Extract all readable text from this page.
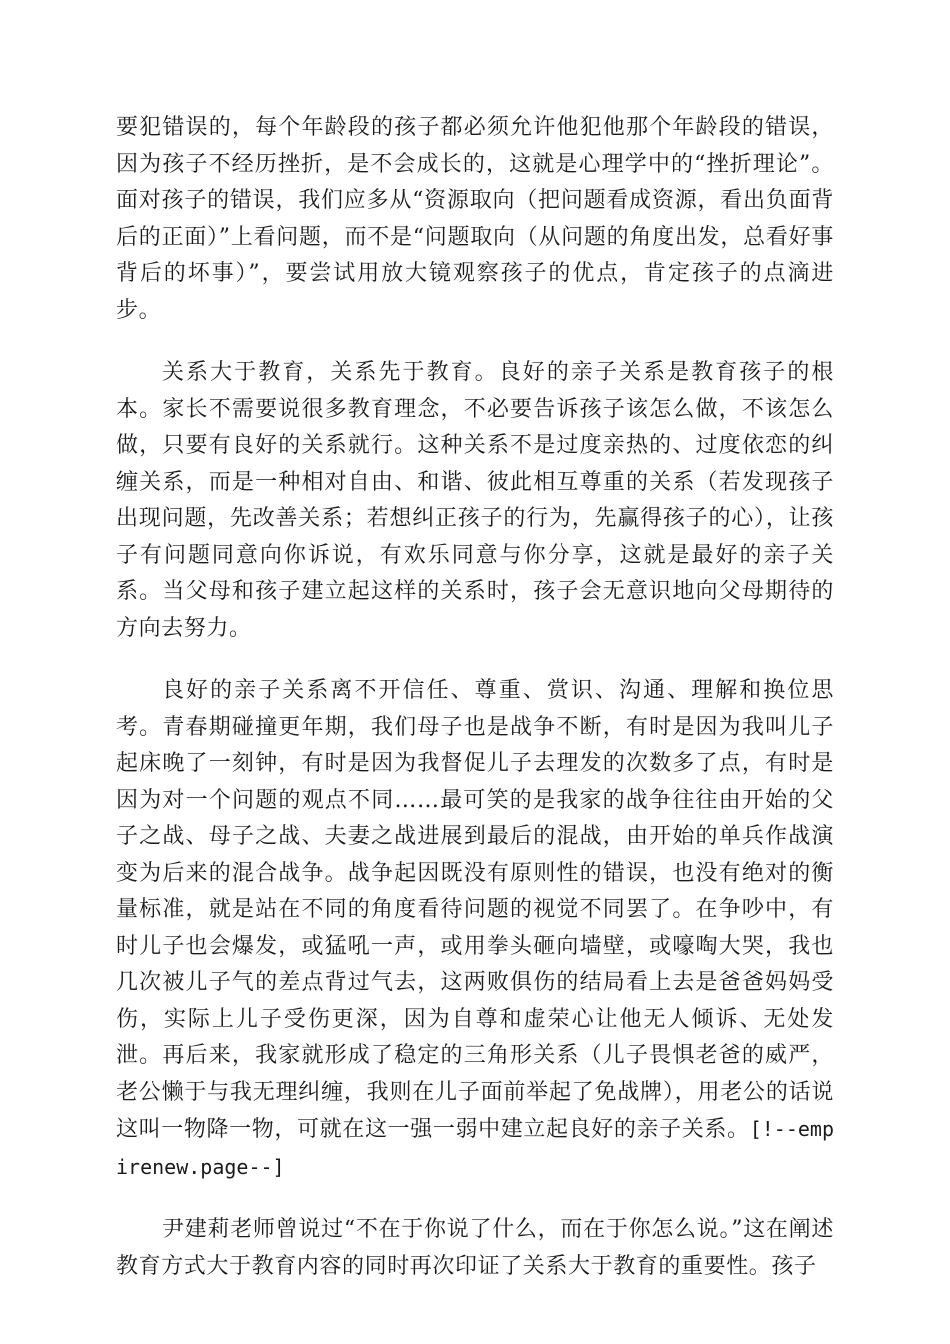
要犯错误的，每个年龄段的孩子都必须允许他犯他那个年龄段的错误，因为孩子不经历挫折，是不会成长的，这就是心理学中的“挫折理论”。面对孩子的错误，我们应多从“资源取向（把问题看成资源，看出负面背后的正面）”上看问题，而不是“问题取向（从问题的角度出发，总看好事背后的坏事）”，要尝试用放大镜观察孩子的优点，肯定孩子的点滴进步。

关系大于教育，关系先于教育。良好的亲子关系是教育孩子的根本。家长不需要说很多教育理念，不必要告诉孩子该怎么做，不该怎么做，只要有良好的关系就行。这种关系不是过度亲热的、过度依恋的纠缠关系，而是一种相对自由、和谐、彼此相互尊重的关系（若发现孩子出现问题，先改善关系；若想纠正孩子的行为，先赢得孩子的心），让孩子有问题同意向你诉说，有欢乐同意与你分享，这就是最好的亲子关系。当父母和孩子建立起这样的关系时，孩子会无意识地向父母期待的方向去努力。

良好的亲子关系离不开信任、尊重、赏识、沟通、理解和换位思考。青春期碰撞更年期，我们母子也是战争不断，有时是因为我叫儿子起床晚了一刻钟，有时是因为我督促儿子去理发的次数多了点，有时是因为对一个问题的观点不同……最可笑的是我家的战争往往由开始的父子之战、母子之战、夫妻之战进展到最后的混战，由开始的单兵作战演变为后来的混合战争。战争起因既没有原则性的错误，也没有绝对的衡量标准，就是站在不同的角度看待问题的视觉不同罢了。在争吵中，有时儿子也会爆发，或猛吼一声，或用拳头砸向墙壁，或嚎啕大哭，我也几次被儿子气的差点背过气去，这两败俱伤的结局看上去是爸爸妈妈受伤，实际上儿子受伤更深，因为自尊和虚荣心让他无人倾诉、无处发泄。再后来，我家就形成了稳定的三角形关系（儿子畏惧老爸的威严，老公懒于与我无理纠缠，我则在儿子面前举起了免战牌），用老公的话说这叫一物降一物，可就在这一强一弱中建立起良好的亲子关系。[!--empirenew.page--]

尹建莉老师曾说过“不在于你说了什么，而在于你怎么说。”这在阐述教育方式大于教育内容的同时再次印证了关系大于教育的重要性。孩子
